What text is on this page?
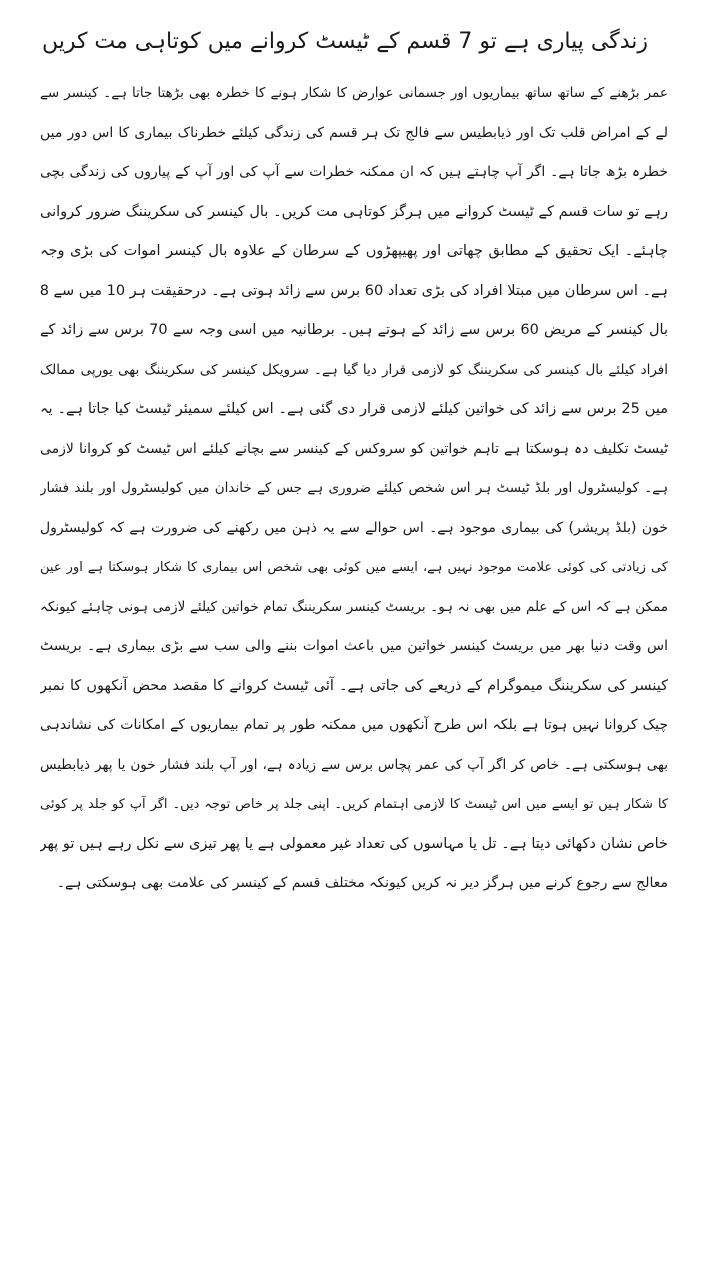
زندگی پیاری ہے تو 7 قسم کے ٹیسٹ کروانے میں کوتاہی مت کریں
عمر بڑھنے کے ساتھ ساتھ بیماریوں اور جسمانی عوارض کا شکار ہونے کا خطرہ بھی بڑھتا جاتا ہے۔ کینسر سے
لے کے امراض قلب تک اور ذیابطیس سے فالج تک ہر قسم کی زندگی کیلئے خطرناک بیماری کا اس دور میں
خطرہ بڑھ جاتا ہے۔ اگر آپ چاہتے ہیں کہ ان ممکنہ خطرات سے آپ کی اور آپ کے پیاروں کی زندگی بچی
رہے تو سات قسم کے ٹیسٹ کروانے میں ہرگز کوتاہی مت کریں۔ بال کینسر کی سکریننگ ضرور کروانی
چاہئے۔ ایک تحقیق کے مطابق چھاتی اور پھیپھڑوں کے سرطان کے علاوہ بال کینسر اموات کی بڑی وجہ
ہے۔ اس سرطان میں مبتلا افراد کی بڑی تعداد 60 برس سے زائد ہوتی ہے۔ درحقیقت ہر 10 میں سے 8
بال کینسر کے مریض 60 برس سے زائد کے ہوتے ہیں۔ برطانیہ میں اسی وجہ سے 70 برس سے زائد کے
افراد کیلئے بال کینسر کی سکریننگ کو لازمی قرار دیا گیا ہے۔ سرویکل کینسر کی سکریننگ بھی یورپی ممالک
میں 25 برس سے زائد کی خواتین کیلئے لازمی قرار دی گئی ہے۔ اس کیلئے سمیئر ٹیسٹ کیا جاتا ہے۔ یہ
ٹیسٹ تکلیف دہ ہوسکتا ہے تاہم خواتین کو سروکس کے کینسر سے بچانے کیلئے اس ٹیسٹ کو کروانا لازمی
ہے۔ کولیسٹرول اور بلڈ ٹیسٹ ہر اس شخص کیلئے ضروری ہے جس کے خاندان میں کولیسٹرول اور بلند فشار
خون (بلڈ پریشر) کی بیماری موجود ہے۔ اس حوالے سے یہ ذہن میں رکھنے کی ضرورت ہے کہ کولیسٹرول
کی زیادتی کی کوئی علامت موجود نہیں ہے، ایسے میں کوئی بھی شخص اس بیماری کا شکار ہوسکتا ہے اور عین
ممکن ہے کہ اس کے علم میں بھی نہ ہو۔ بریسٹ کینسر سکریننگ تمام خواتین کیلئے لازمی ہونی چاہئے کیونکہ
اس وقت دنیا بھر میں بریسٹ کینسر خواتین میں باعث اموات بننے والی سب سے بڑی بیماری ہے۔ بریسٹ
کینسر کی سکریننگ میموگرام کے ذریعے کی جاتی ہے۔ آئی ٹیسٹ کروانے کا مقصد محض آنکھوں کا نمبر
چیک کروانا نہیں ہوتا ہے بلکہ اس طرح آنکھوں میں ممکنہ طور پر تمام بیماریوں کے امکانات کی نشاندہی
بھی ہوسکتی ہے۔ خاص کر اگر آپ کی عمر پچاس برس سے زیادہ ہے، اور آپ بلند فشار خون یا پھر ذیابطیس
کا شکار ہیں تو ایسے میں اس ٹیسٹ کا لازمی اہتمام کریں۔ اپنی جلد پر خاص توجہ دیں۔ اگر آپ کو جلد پر کوئی
خاص نشان دکھائی دیتا ہے۔ تل یا مہاسوں کی تعداد غیر معمولی ہے یا پھر تیزی سے نکل رہے ہیں تو پھر
معالج سے رجوع کرنے میں ہرگز دیر نہ کریں کیونکہ مختلف قسم کے کینسر کی علامت بھی ہوسکتی ہے۔
